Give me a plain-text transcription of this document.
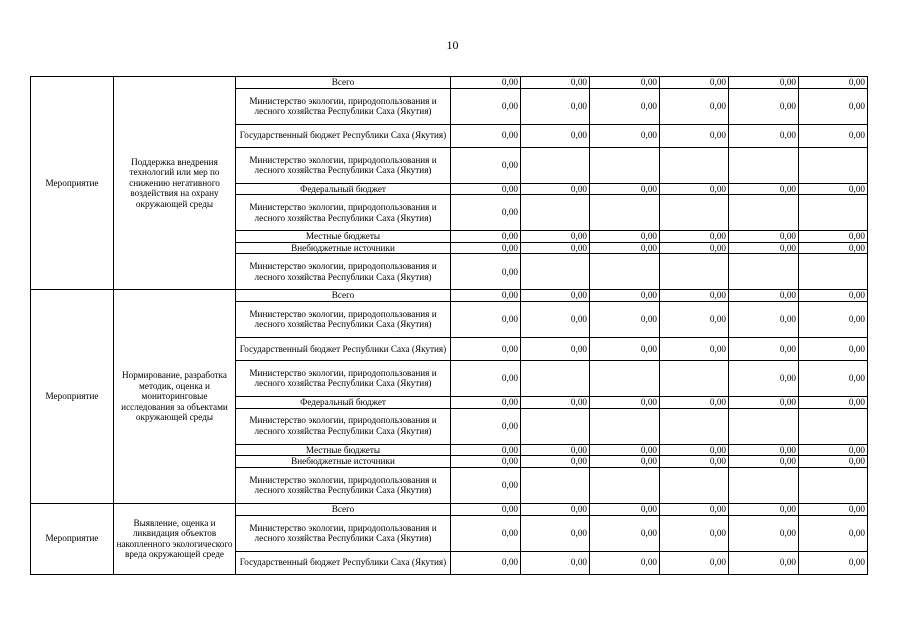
10
Мероприятие	Поддержка внедрения технологий или мер по снижению негативного воздействия на охрану окружающей среды	Всего	0,00	0,00	0,00	0,00	0,00	0,00
		Министерство экологии, природопользования и лесного хозяйства Республики Саха (Якутия)	0,00	0,00	0,00	0,00	0,00	0,00
		Государственный бюджет Республики Саха (Якутия)	0,00	0,00	0,00	0,00	0,00	0,00
		Министерство экологии, природопользования и лесного хозяйства Республики Саха (Якутия)	0,00					
		Федеральный бюджет	0,00	0,00	0,00	0,00	0,00	0,00
		Министерство экологии, природопользования и лесного хозяйства Республики Саха (Якутия)	0,00					
		Местные бюджеты	0,00	0,00	0,00	0,00	0,00	0,00
		Внебюджетные источники	0,00	0,00	0,00	0,00	0,00	0,00
		Министерство экологии, природопользования и лесного хозяйства Республики Саха (Якутия)	0,00					
Мероприятие	Нормирование, разработка методик, оценка и мониторинговые исследования за объектами окружающей среды	Всего	0,00	0,00	0,00	0,00	0,00	0,00
		Министерство экологии, природопользования и лесного хозяйства Республики Саха (Якутия)	0,00	0,00	0,00	0,00	0,00	0,00
		Государственный бюджет Республики Саха (Якутия)	0,00	0,00	0,00	0,00	0,00	0,00
		Министерство экологии, природопользования и лесного хозяйства Республики Саха (Якутия)	0,00				0,00	0,00
		Федеральный бюджет	0,00	0,00	0,00	0,00	0,00	0,00
		Министерство экологии, природопользования и лесного хозяйства Республики Саха (Якутия)	0,00					
		Местные бюджеты	0,00	0,00	0,00	0,00	0,00	0,00
		Внебюджетные источники	0,00	0,00	0,00	0,00	0,00	0,00
		Министерство экологии, природопользования и лесного хозяйства Республики Саха (Якутия)	0,00					
Мероприятие	Выявление, оценка и ликвидация объектов накопленного экологического вреда окружающей среде	Всего	0,00	0,00	0,00	0,00	0,00	0,00
		Министерство экологии, природопользования и лесного хозяйства Республики Саха (Якутия)	0,00	0,00	0,00	0,00	0,00	0,00
		Государственный бюджет Республики Саха (Якутия)	0,00	0,00	0,00	0,00	0,00	0,00
